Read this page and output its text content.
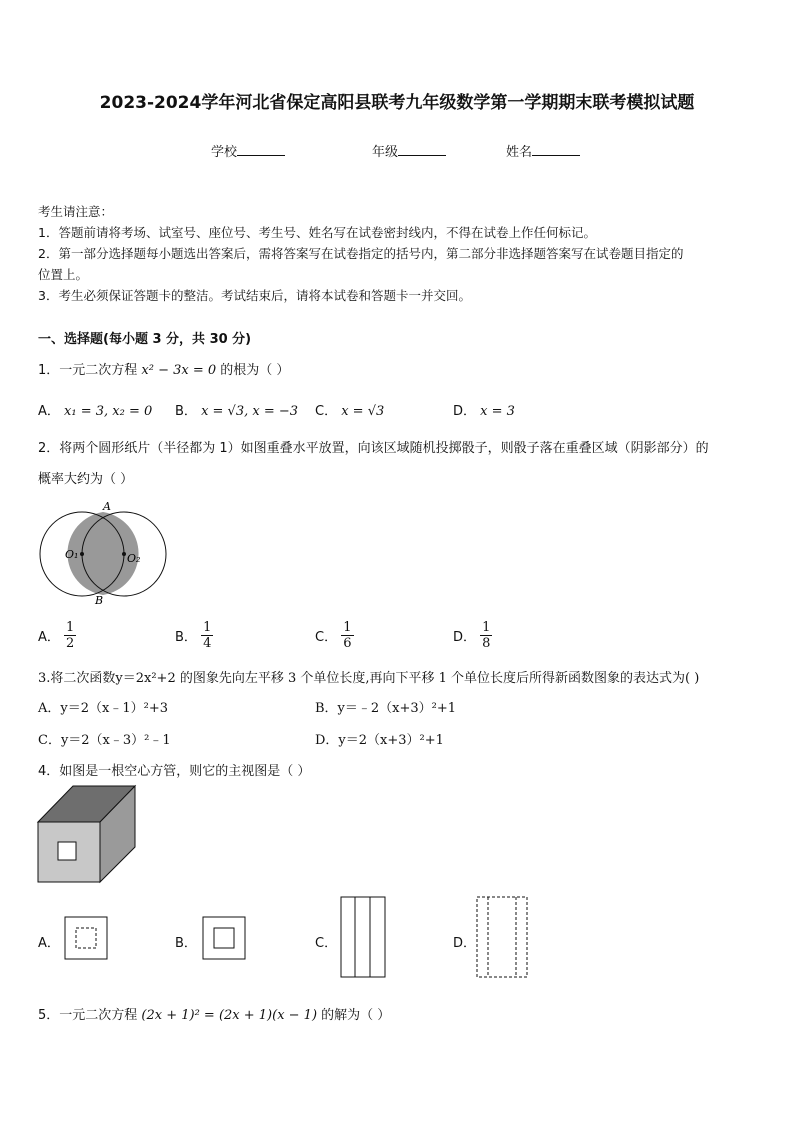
2023-2024学年河北省保定高阳县联考九年级数学第一学期期末联考模拟试题
学校	年级	姓名
考生请注意：
1．答题前请将考场、试室号、座位号、考生号、姓名写在试卷密封线内，不得在试卷上作任何标记。
2．第一部分选择题每小题选出答案后，需将答案写在试卷指定的括号内，第二部分非选择题答案写在试卷题目指定的
位置上。
3．考生必须保证答题卡的整洁。考试结束后，请将本试卷和答题卡一并交回。
一、选择题(每小题 3 分，共 30 分)
1．一元二次方程 x² − 3x = 0 的根为（ ）
A． x₁ = 3, x₂ = 0 B． x = √3, x = −3 C． x = √3	D． x = 3
2．将两个圆形纸片（半径都为 1）如图重叠水平放置，向该区域随机投掷骰子，则骰子落在重叠区域（阴影部分）的
概率大约为（ ）
A
B
O₁	O₂
A． $\frac{1}{2}$	B． $\frac{1}{4}$	C． $\frac{1}{6}$	D． $\frac{1}{8}$
3.将二次函数y＝2x²+2 的图象先向左平移 3 个单位长度,再向下平移 1 个单位长度后所得新函数图象的表达式为( )
A．y＝2（x﹣1）²+3	B．y＝﹣2（x+3）²+1
C．y＝2（x﹣3）²﹣1	D．y＝2（x+3）²+1
4．如图是一根空心方管，则它的主视图是（ ）
A．	B．	C．	D．
5．一元二次方程 (2x + 1)² = (2x + 1)(x − 1) 的解为（ ）
